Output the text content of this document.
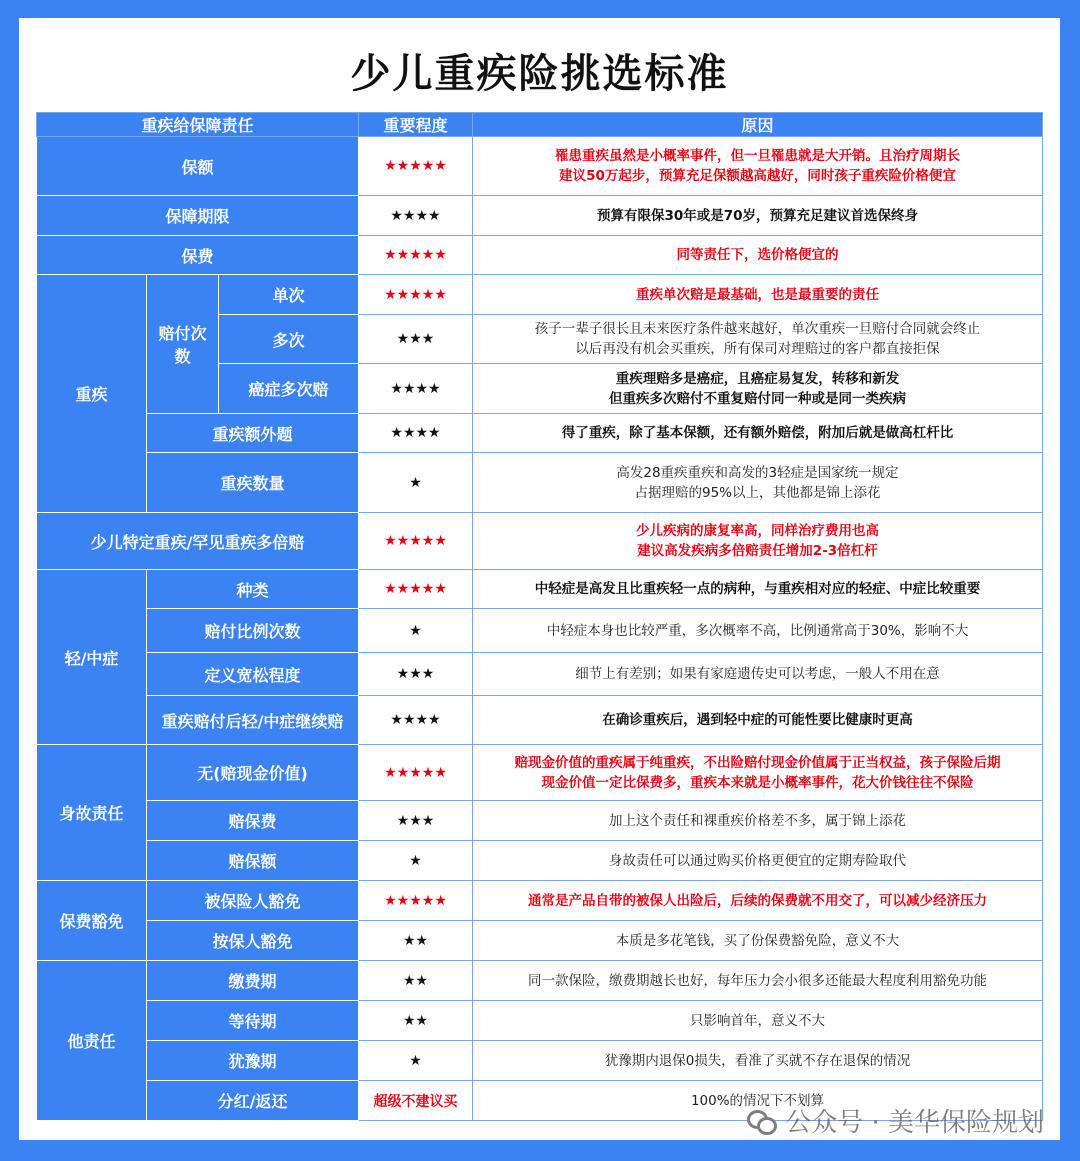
少儿重疾险挑选标准
重疾给保障责任			重要程度	原因
保额			★★★★★	罹患重疾虽然是小概率事件，但一旦罹患就是大开销。且治疗周期长
建议50万起步，预算充足保额越高越好，同时孩子重疾险价格便宜
保障期限			★★★★	预算有限保30年或是70岁，预算充足建议首选保终身
保费			★★★★★	同等责任下，选价格便宜的
重疾	赔付次数	单次	★★★★★	重疾单次赔是最基础，也是最重要的责任
		多次	★★★	孩子一辈子很长且未来医疗条件越来越好，单次重疾一旦赔付合同就会终止
以后再没有机会买重疾，所有保司对理赔过的客户都直接拒保
		癌症多次赔	★★★★	重疾理赔多是癌症，且癌症易复发，转移和新发
但重疾多次赔付不重复赔付同一种或是同一类疾病
	重疾额外题		★★★★	得了重疾，除了基本保额，还有额外赔偿，附加后就是做高杠杆比
	重疾数量		★	高发28重疾重疾和高发的3轻症是国家统一规定
占据理赔的95%以上，其他都是锦上添花

少儿特定重疾/罕见重疾多倍赔			★★★★★	少儿疾病的康复率高，同样治疗费用也高
建议高发疾病多倍赔责任增加2-3倍杠杆
轻/中症	种类		★★★★★	中轻症是高发且比重疾轻一点的病种，与重疾相对应的轻症、中症比较重要
	赔付比例次数		★	中轻症本身也比较严重，多次概率不高，比例通常高于30%，影响不大
	定义宽松程度		★★★	细节上有差别；如果有家庭遗传史可以考虑，一般人不用在意
	重疾赔付后轻/中症继续赔		★★★★	在确诊重疾后，遇到轻中症的可能性要比健康时更高
身故责任	无(赔现金价值)		★★★★★	赔现金价值的重疾属于纯重疾，不出险赔付现金价值属于正当权益，孩子保险后期
现金价值一定比保费多，重疾本来就是小概率事件，花大价钱往往不保险
	赔保费		★★★	加上这个责任和裸重疾价格差不多，属于锦上添花
	赔保额		★	身故责任可以通过购买价格更便宜的定期寿险取代
保费豁免	被保险人豁免		★★★★★	通常是产品自带的被保人出险后，后续的保费就不用交了，可以减少经济压力
	按保人豁免		★★	本质是多花笔钱，买了份保费豁免险，意义不大
他责任	缴费期		★★	同一款保险，缴费期越长也好，每年压力会小很多还能最大程度利用豁免功能
	等待期		★★	只影响首年，意义不大
	犹豫期		★	犹豫期内退保0损失，看准了买就不存在退保的情况
	分红/返还		超级不建议买	100%的情况下不划算
公众号 · 美华保险规划
